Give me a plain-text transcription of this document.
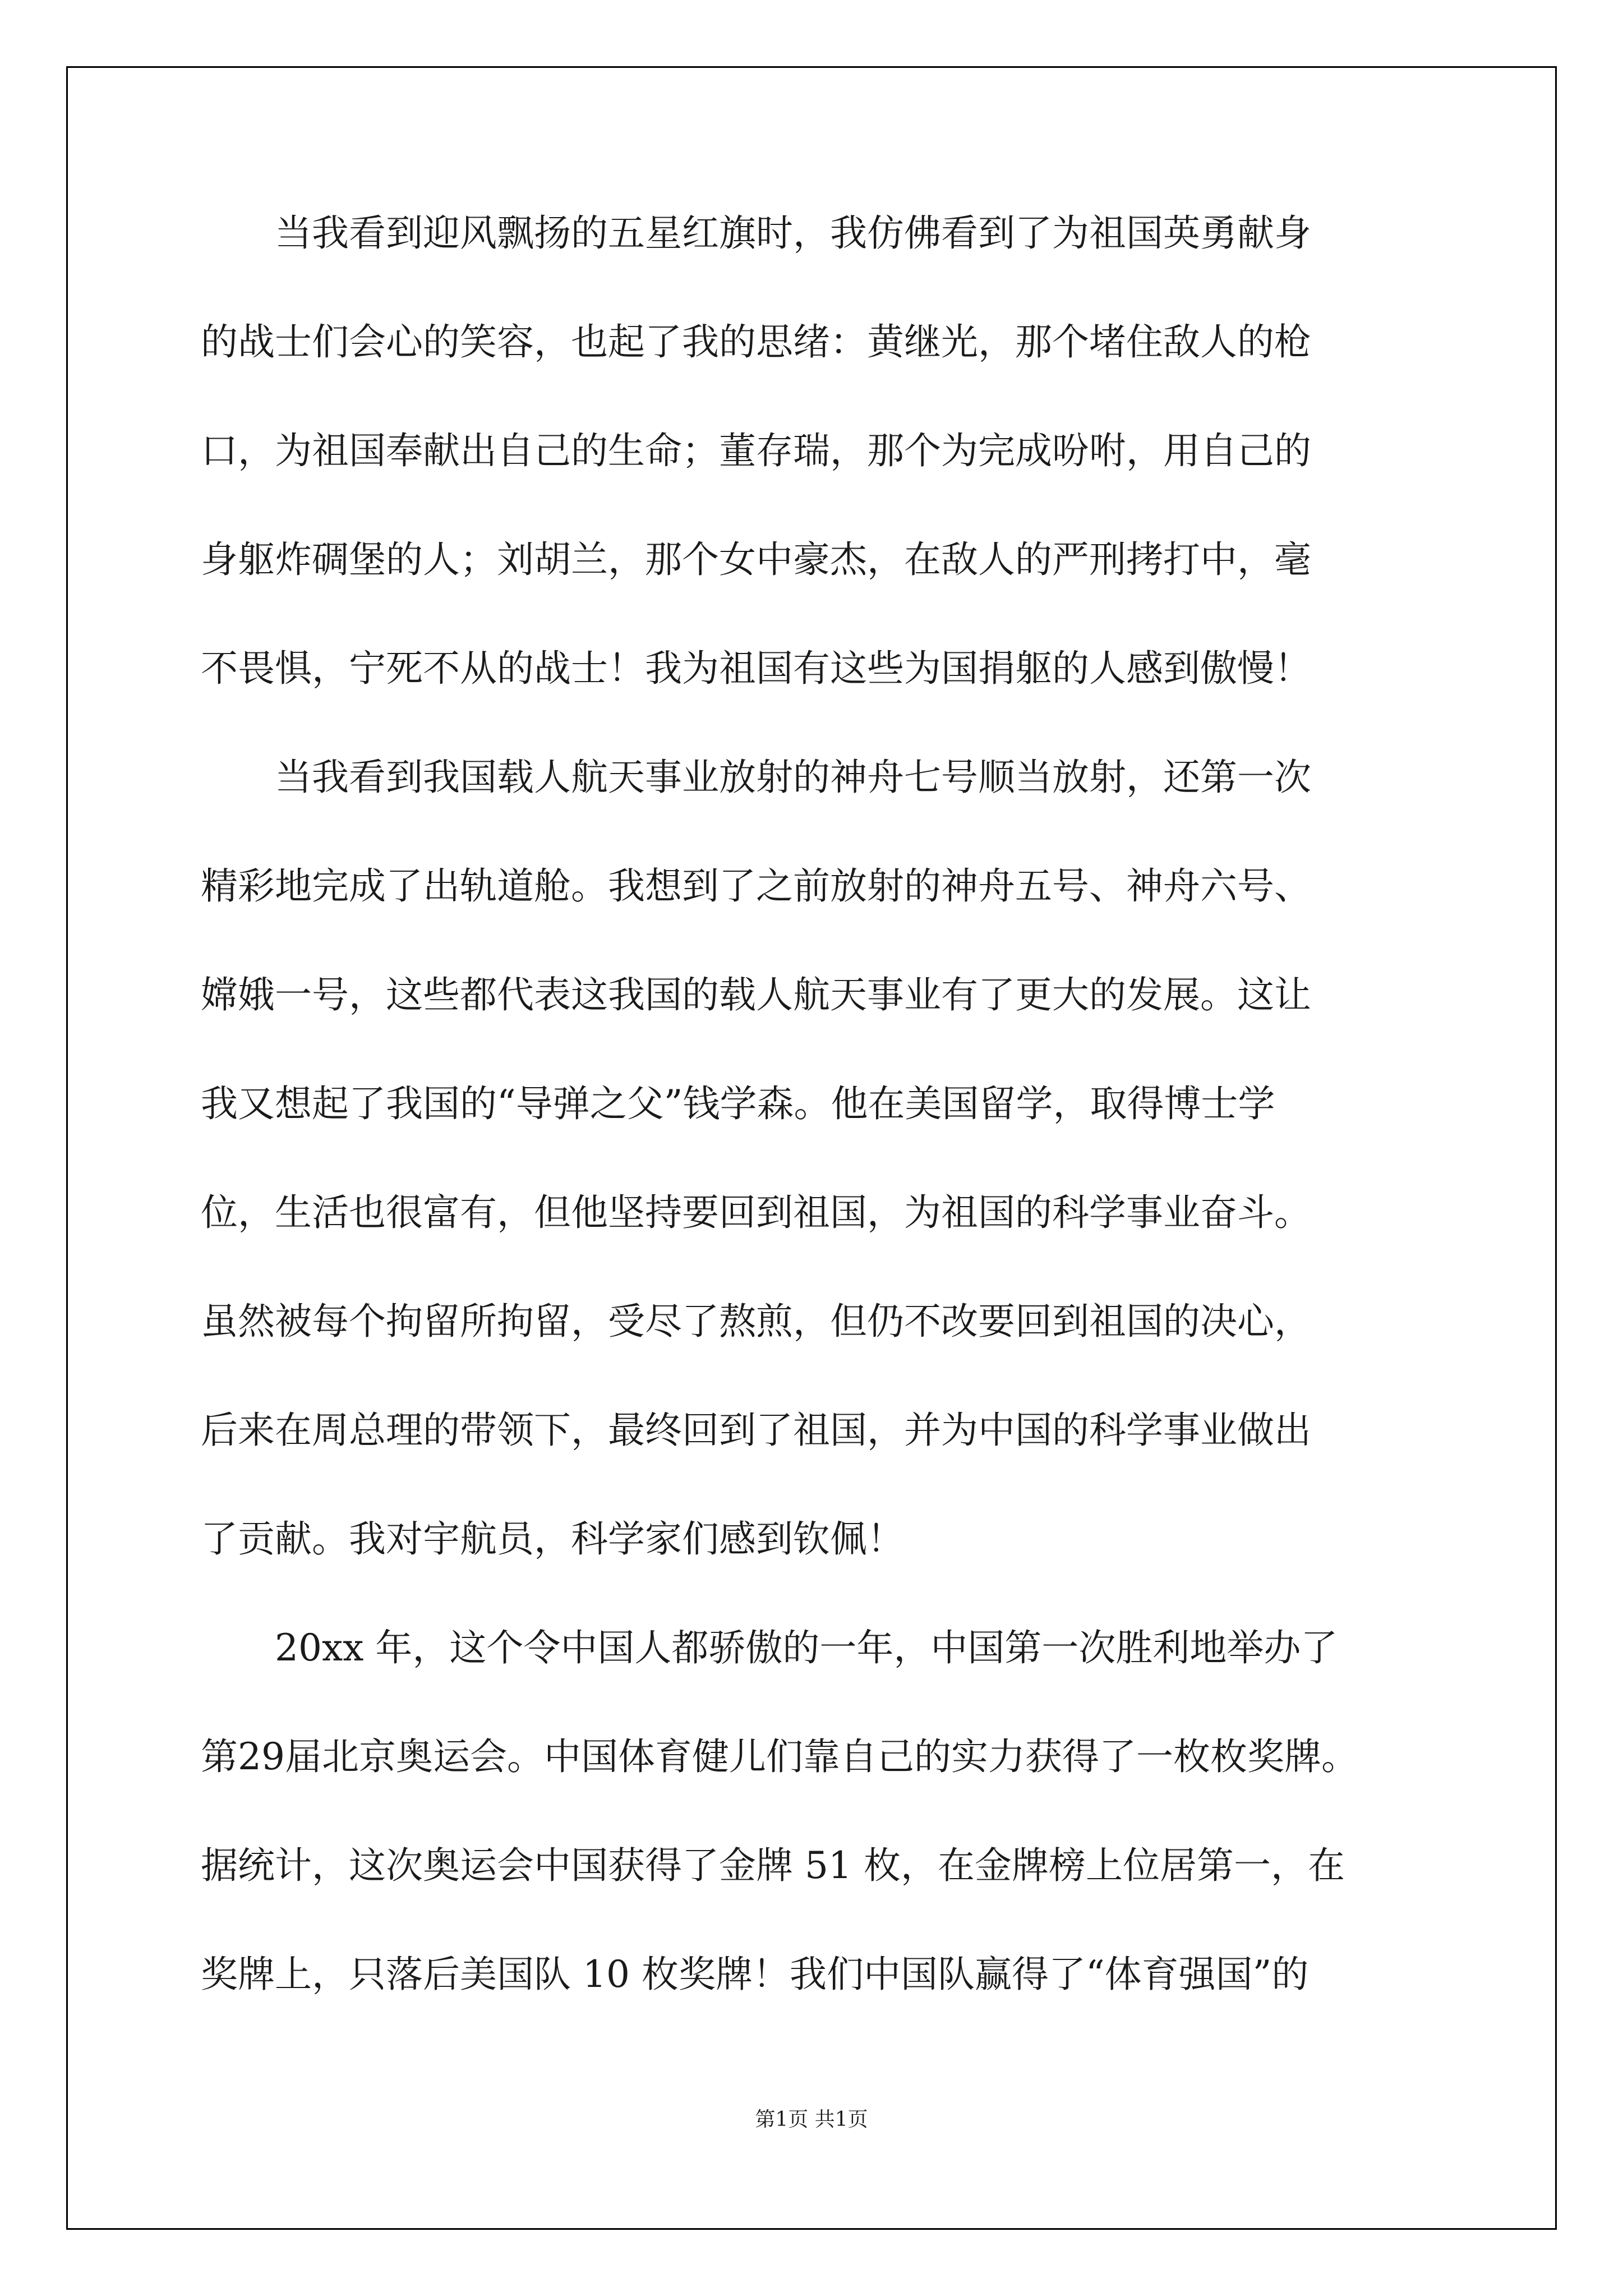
当我看到迎风飘扬的五星红旗时，我仿佛看到了为祖国英勇献身
的战士们会心的笑容，也起了我的思绪：黄继光，那个堵住敌人的枪
口，为祖国奉献出自己的生命；董存瑞，那个为完成吩咐，用自己的
身躯炸碉堡的人；刘胡兰，那个女中豪杰，在敌人的严刑拷打中，毫
不畏惧，宁死不从的战士！我为祖国有这些为国捐躯的人感到傲慢！
当我看到我国载人航天事业放射的神舟七号顺当放射，还第一次
精彩地完成了出轨道舱。我想到了之前放射的神舟五号、神舟六号、
嫦娥一号，这些都代表这我国的载人航天事业有了更大的发展。这让
我又想起了我国的“导弹之父”钱学森。他在美国留学，取得博士学
位，生活也很富有，但他坚持要回到祖国，为祖国的科学事业奋斗。
虽然被每个拘留所拘留，受尽了熬煎，但仍不改要回到祖国的决心，
后来在周总理的带领下，最终回到了祖国，并为中国的科学事业做出
了贡献。我对宇航员，科学家们感到钦佩！
20xx 年，这个令中国人都骄傲的一年，中国第一次胜利地举办了
第29届北京奥运会。中国体育健儿们靠自己的实力获得了一枚枚奖牌。
据统计，这次奥运会中国获得了金牌 51 枚，在金牌榜上位居第一，在
奖牌上，只落后美国队 10 枚奖牌！我们中国队赢得了“体育强国”的
第1页 共1页
